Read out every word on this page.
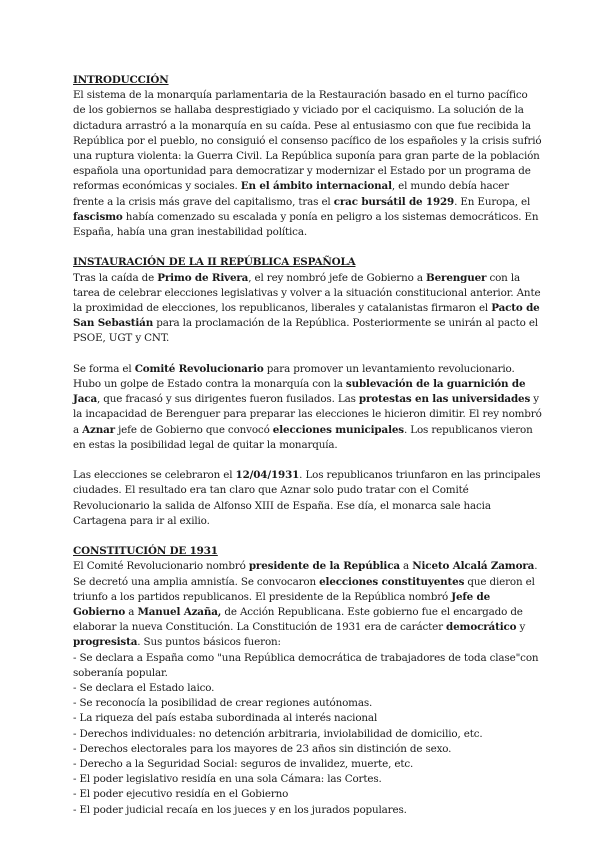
INTRODUCCIÓN

El sistema de la monarquía parlamentaria de la Restauración basado en el turno pacífico de los gobiernos se hallaba desprestigiado y viciado por el caciquismo. La solución de la dictadura arrastró a la monarquía en su caída. Pese al entusiasmo con que fue recibida la República por el pueblo, no consiguió el consenso pacífico de los españoles y la crisis sufrió una ruptura violenta: la Guerra Civil. La República suponía para gran parte de la población española una oportunidad para democratizar y modernizar el Estado por un programa de reformas económicas y sociales. En el ámbito internacional, el mundo debía hacer frente a la crisis más grave del capitalismo, tras el crac bursátil de 1929. En Europa, el fascismo había comenzado su escalada y ponía en peligro a los sistemas democráticos. En España, había una gran inestabilidad política.

INSTAURACIÓN DE LA II REPÚBLICA ESPAÑOLA

Tras la caída de Primo de Rivera, el rey nombró jefe de Gobierno a Berenguer con la tarea de celebrar elecciones legislativas y volver a la situación constitucional anterior. Ante la proximidad de elecciones, los republicanos, liberales y catalanistas firmaron el Pacto de San Sebastián para la proclamación de la República. Posteriormente se unirán al pacto el PSOE, UGT y CNT.

Se forma el Comité Revolucionario para promover un levantamiento revolucionario. Hubo un golpe de Estado contra la monarquía con la sublevación de la guarnición de Jaca, que fracasó y sus dirigentes fueron fusilados. Las protestas en las universidades y la incapacidad de Berenguer para preparar las elecciones le hicieron dimitir. El rey nombró a Aznar jefe de Gobierno que convocó elecciones municipales. Los republicanos vieron en estas la posibilidad legal de quitar la monarquía.

Las elecciones se celebraron el 12/04/1931. Los republicanos triunfaron en las principales ciudades. El resultado era tan claro que Aznar solo pudo tratar con el Comité Revolucionario la salida de Alfonso XIII de España. Ese día, el monarca sale hacia Cartagena para ir al exilio.

CONSTITUCIÓN DE 1931

El Comité Revolucionario nombró presidente de la República a Niceto Alcalá Zamora. Se decretó una amplia amnistía. Se convocaron elecciones constituyentes que dieron el triunfo a los partidos republicanos. El presidente de la República nombró Jefe de Gobierno a Manuel Azaña, de Acción Republicana. Este gobierno fue el encargado de elaborar la nueva Constitución. La Constitución de 1931 era de carácter democrático y progresista. Sus puntos básicos fueron:

- Se declara a España como "una República democrática de trabajadores de toda clase"con soberanía popular.
- Se declara el Estado laico.
- Se reconocía la posibilidad de crear regiones autónomas.
- La riqueza del país estaba subordinada al interés nacional
- Derechos individuales: no detención arbitraria, inviolabilidad de domicilio, etc.
- Derechos electorales para los mayores de 23 años sin distinción de sexo.
- Derecho a la Seguridad Social: seguros de invalidez, muerte, etc.
- El poder legislativo residía en una sola Cámara: las Cortes.
- El poder ejecutivo residía en el Gobierno
- El poder judicial recaía en los jueces y en los jurados populares.
